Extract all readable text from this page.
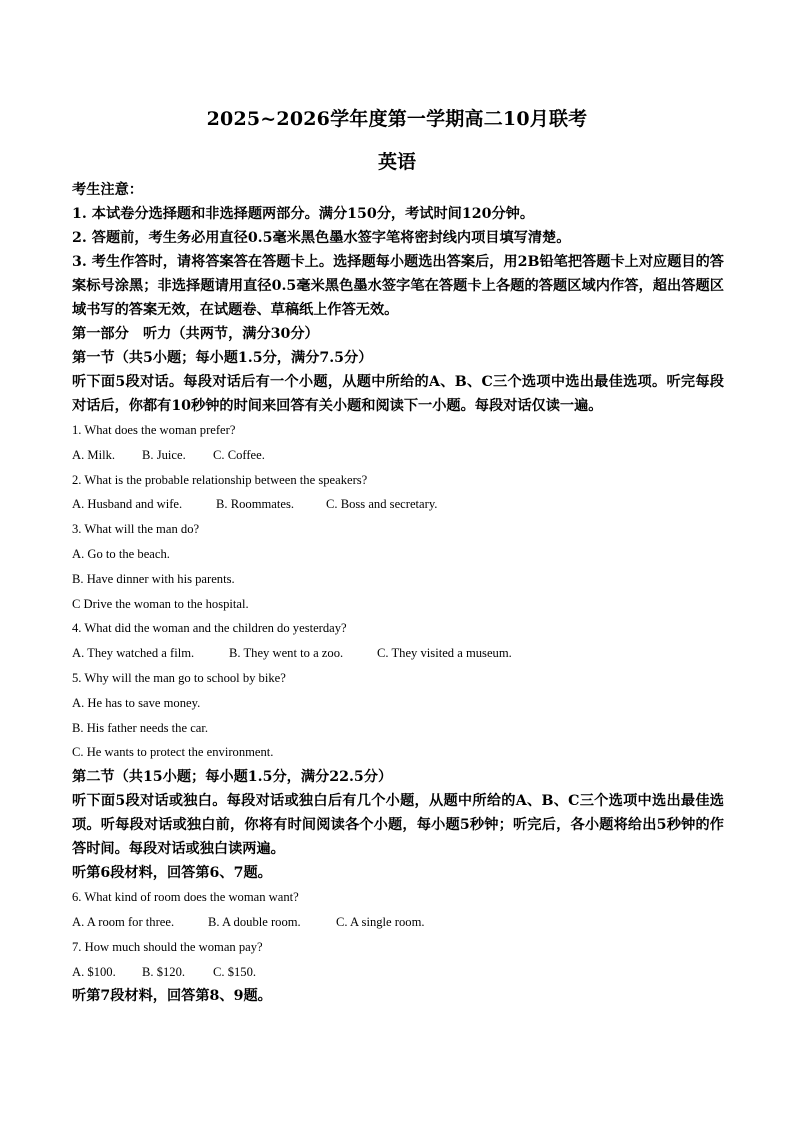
2025~2026学年度第一学期高二10月联考
英语
考生注意：
1. 本试卷分选择题和非选择题两部分。满分150分，考试时间120分钟。
2. 答题前，考生务必用直径0.5毫米黑色墨水签字笔将密封线内项目填写清楚。
3. 考生作答时，请将答案答在答题卡上。选择题每小题选出答案后，用2B铅笔把答题卡上对应题目的答案标号涂黑；非选择题请用直径0.5毫米黑色墨水签字笔在答题卡上各题的答题区域内作答，超出答题区域书写的答案无效，在试题卷、草稿纸上作答无效。
第一部分　听力（共两节，满分30分）
第一节（共5小题；每小题1.5分，满分7.5分）
听下面5段对话。每段对话后有一个小题，从题中所给的A、B、C三个选项中选出最佳选项。听完每段对话后，你都有10秒钟的时间来回答有关小题和阅读下一小题。每段对话仅读一遍。
1. What does the woman prefer?
A. Milk. B. Juice. C. Coffee.
2. What is the probable relationship between the speakers?
A. Husband and wife.	B. Roommates.	C. Boss and secretary.
3. What will the man do?
A. Go to the beach.
B. Have dinner with his parents.
C Drive the woman to the hospital.
4. What did the woman and the children do yesterday?
A. They watched a film.	B. They went to a zoo.	C. They visited a museum.
5. Why will the man go to school by bike?
A. He has to save money.
B. His father needs the car.
C. He wants to protect the environment.
第二节（共15小题；每小题1.5分，满分22.5分）
听下面5段对话或独白。每段对话或独白后有几个小题，从题中所给的A、B、C三个选项中选出最佳选项。听每段对话或独白前，你将有时间阅读各个小题，每小题5秒钟；听完后，各小题将给出5秒钟的作答时间。每段对话或独白读两遍。
听第6段材料，回答第6、7题。
6. What kind of room does the woman want?
A. A room for three.	B. A double room.	C. A single room.
7. How much should the woman pay?
A. $100. B. $120. C. $150.
听第7段材料，回答第8、9题。
